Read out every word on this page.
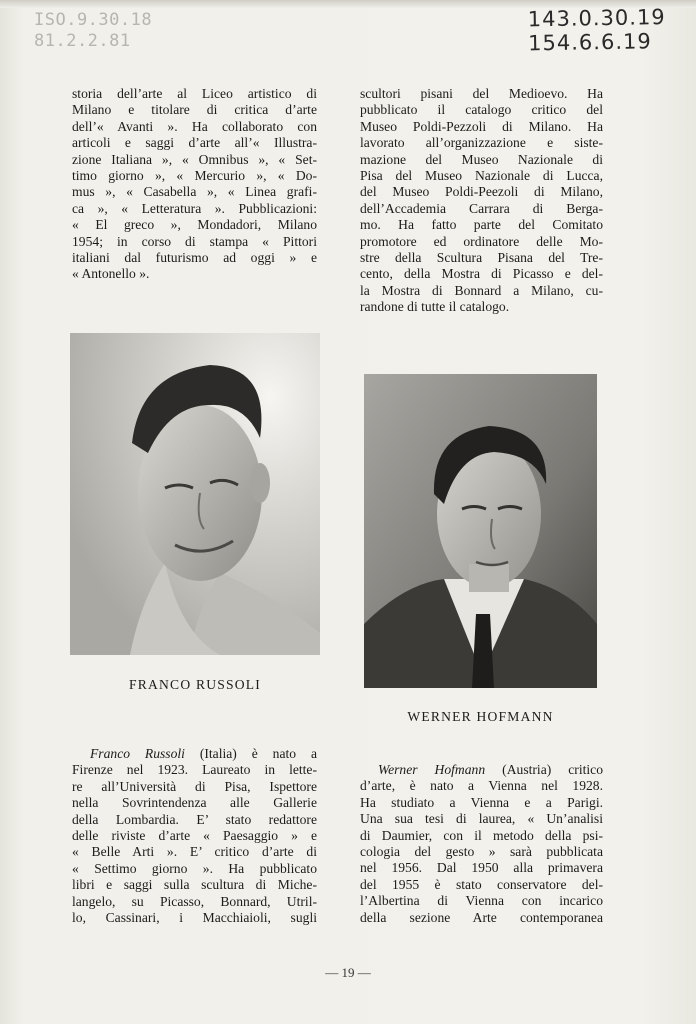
ISO.9.30.18
81.2.2.81
143.0.30.19
154.6.6.19
storia dell’arte al Liceo artistico di
Milano e titolare di critica d’arte
dell’« Avanti ». Ha collaborato con
articoli e saggi d’arte all’« Illustra-
zione Italiana », « Omnibus », « Set-
timo giorno », « Mercurio », « Do-
mus », « Casabella », « Linea grafi-
ca », « Letteratura ». Pubblicazioni:
« El greco », Mondadori, Milano
1954; in corso di stampa « Pittori
italiani dal futurismo ad oggi » e
« Antonello ».
scultori pisani del Medioevo. Ha
pubblicato il catalogo critico del
Museo Poldi-Pezzoli di Milano. Ha
lavorato all’organizzazione e siste-
mazione del Museo Nazionale di
Pisa del Museo Nazionale di Lucca,
del Museo Poldi-Peezoli di Milano,
dell’Accademia Carrara di Berga-
mo. Ha fatto parte del Comitato
promotore ed ordinatore delle Mo-
stre della Scultura Pisana del Tre-
cento, della Mostra di Picasso e del-
la Mostra di Bonnard a Milano, cu-
randone di tutte il catalogo.
FRANCO RUSSOLI
WERNER HOFMANN
Franco Russoli (Italia) è nato a
Firenze nel 1923. Laureato in lette-
re all’Università di Pisa, Ispettore
nella Sovrintendenza alle Gallerie
della Lombardia. E’ stato redattore
delle riviste d’arte « Paesaggio » e
« Belle Arti ». E’ critico d’arte di
« Settimo giorno ». Ha pubblicato
libri e saggi sulla scultura di Miche-
langelo, su Picasso, Bonnard, Utril-
lo, Cassinari, i Macchiaioli, sugli
Werner Hofmann (Austria) critico
d’arte, è nato a Vienna nel 1928.
Ha studiato a Vienna e a Parigi.
Una sua tesi di laurea, « Un’analisi
di Daumier, con il metodo della psi-
cologia del gesto » sarà pubblicata
nel 1956. Dal 1950 alla primavera
del 1955 è stato conservatore del-
l’Albertina di Vienna con incarico
della sezione Arte contemporanea
— 19 —
